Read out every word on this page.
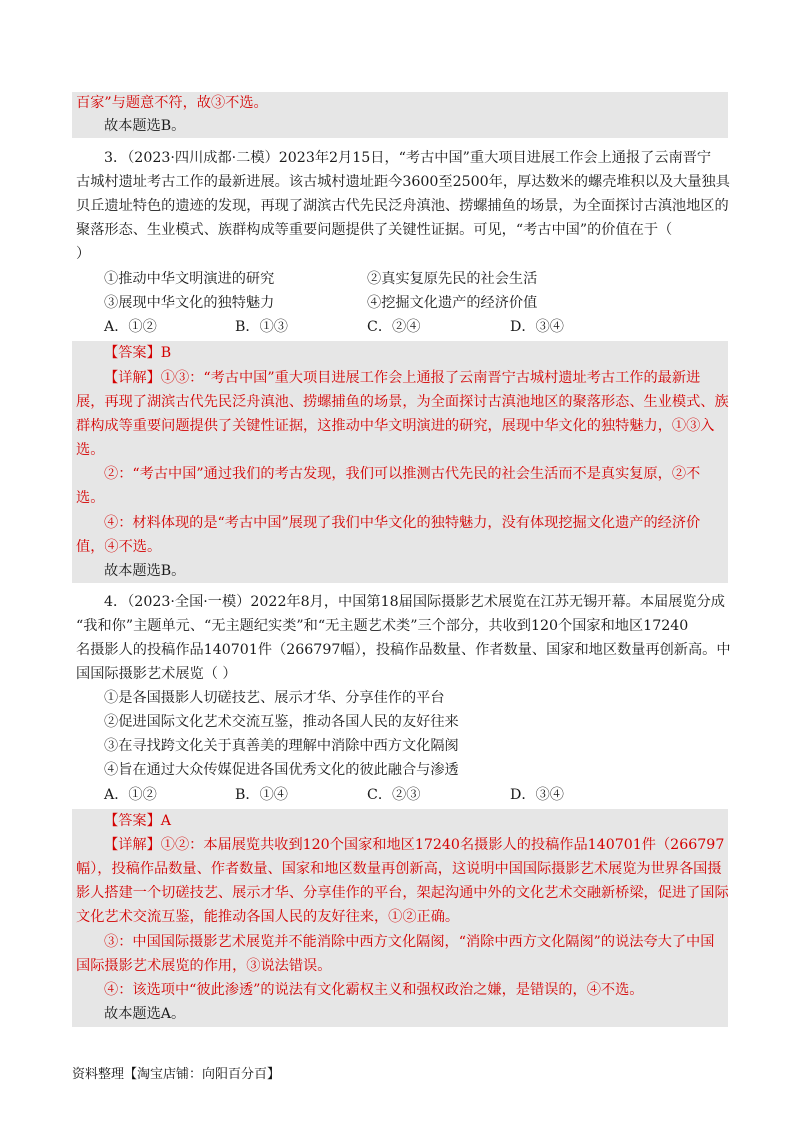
百家”与题意不符，故③不选。
故本题选B。
3．（2023·四川成都·二模）2023年2月15日，“考古中国”重大项目进展工作会上通报了云南晋宁
古城村遗址考古工作的最新进展。该古城村遗址距今3600至2500年，厚达数米的螺壳堆积以及大量独具
贝丘遗址特色的遗迹的发现，再现了湖滨古代先民泛舟滇池、捞螺捕鱼的场景，为全面探讨古滇池地区的
聚落形态、生业模式、族群构成等重要问题提供了关键性证据。可见，“考古中国”的价值在于（
）
①推动中华文明演进的研究	②真实复原先民的社会生活
③展现中华文化的独特魅力	④挖掘文化遗产的经济价值
A．①②	B．①③	C．②④	D．③④
【答案】B
【详解】①③：“考古中国”重大项目进展工作会上通报了云南晋宁古城村遗址考古工作的最新进
展，再现了湖滨古代先民泛舟滇池、捞螺捕鱼的场景，为全面探讨古滇池地区的聚落形态、生业模式、族
群构成等重要问题提供了关键性证据，这推动中华文明演进的研究，展现中华文化的独特魅力，①③入
选。
②：“考古中国”通过我们的考古发现，我们可以推测古代先民的社会生活而不是真实复原，②不
选。
④：材料体现的是“考古中国”展现了我们中华文化的独特魅力，没有体现挖掘文化遗产的经济价
值，④不选。
故本题选B。
4．（2023·全国·一模）2022年8月，中国第18届国际摄影艺术展览在江苏无锡开幕。本届展览分成
“我和你”主题单元、“无主题纪实类”和“无主题艺术类”三个部分，共收到120个国家和地区17240
名摄影人的投稿作品140701件（266797幅），投稿作品数量、作者数量、国家和地区数量再创新高。中
国国际摄影艺术展览（ ）
①是各国摄影人切磋技艺、展示才华、分享佳作的平台
②促进国际文化艺术交流互鉴，推动各国人民的友好往来
③在寻找跨文化关于真善美的理解中消除中西方文化隔阂
④旨在通过大众传媒促进各国优秀文化的彼此融合与渗透
A．①②	B．①④	C．②③	D．③④
【答案】A
【详解】①②：本届展览共收到120个国家和地区17240名摄影人的投稿作品140701件（266797
幅），投稿作品数量、作者数量、国家和地区数量再创新高，这说明中国国际摄影艺术展览为世界各国摄
影人搭建一个切磋技艺、展示才华、分享佳作的平台，架起沟通中外的文化艺术交融新桥梁，促进了国际
文化艺术交流互鉴，能推动各国人民的友好往来，①②正确。
③：中国国际摄影艺术展览并不能消除中西方文化隔阂，“消除中西方文化隔阂”的说法夸大了中国
国际摄影艺术展览的作用，③说法错误。
④：该选项中“彼此渗透”的说法有文化霸权主义和强权政治之嫌，是错误的，④不选。
故本题选A。
资料整理【淘宝店铺：向阳百分百】
